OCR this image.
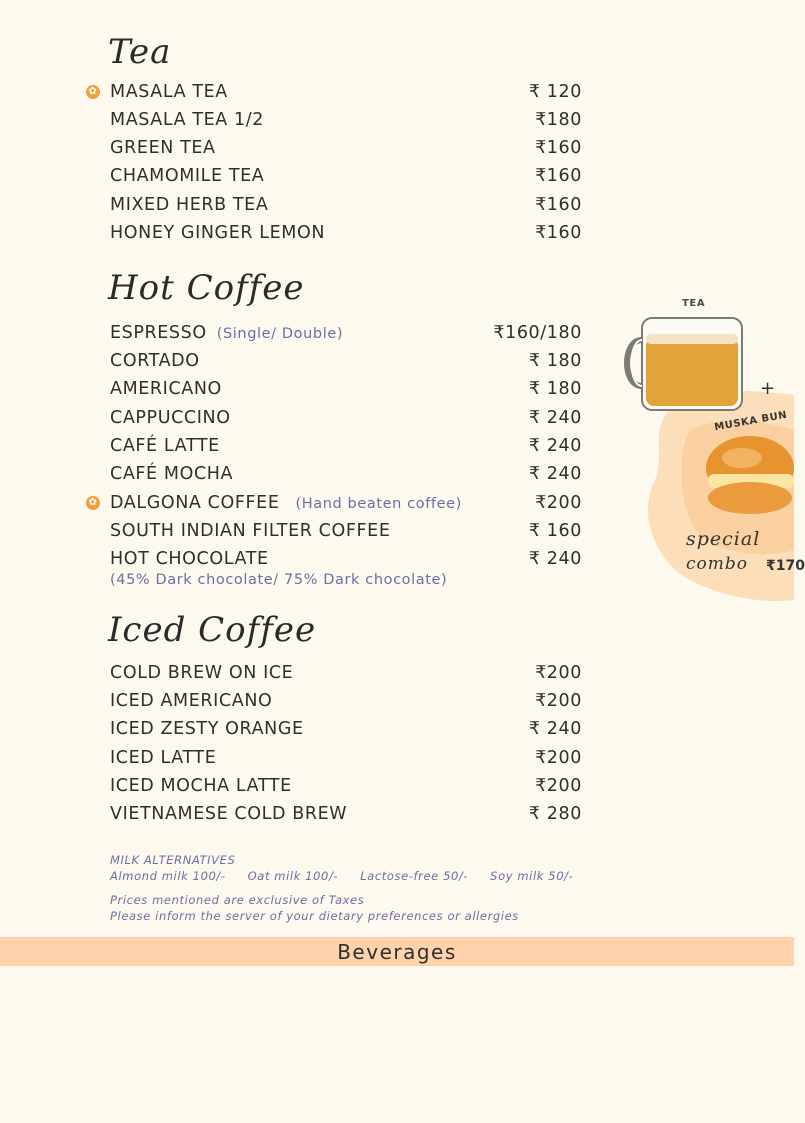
Tea
Hot Coffee
Iced Coffee
✿ MASALA TEA	₹ 120
MASALA TEA 1/2	₹180
GREEN TEA	₹160
CHAMOMILE TEA	₹160
MIXED HERB TEA	₹160
HONEY GINGER LEMON	₹160
ESPRESSO (Single/ Double)	₹160/180
CORTADO	₹ 180
AMERICANO	₹ 180
CAPPUCCINO	₹ 240
CAFÉ LATTE	₹ 240
CAFÉ MOCHA	₹ 240
✿ DALGONA COFFEE (Hand beaten coffee)	₹200
SOUTH INDIAN FILTER COFFEE	₹ 160
HOT CHOCOLATE	₹ 240
(45% Dark chocolate/ 75% Dark chocolate)
COLD BREW ON ICE	₹200
ICED AMERICANO	₹200
ICED ZESTY ORANGE	₹ 240
ICED LATTE	₹200
ICED MOCHA LATTE	₹200
VIETNAMESE COLD BREW	₹ 280
MILK ALTERNATIVES
Almond milk 100/- Oat milk 100/- Lactose-free 50/- Soy milk 50/-
Prices mentioned are exclusive of Taxes
Please inform the server of your dietary preferences or allergies
Beverages
TEA
+
MUSKA BUN
special
combo ₹170
